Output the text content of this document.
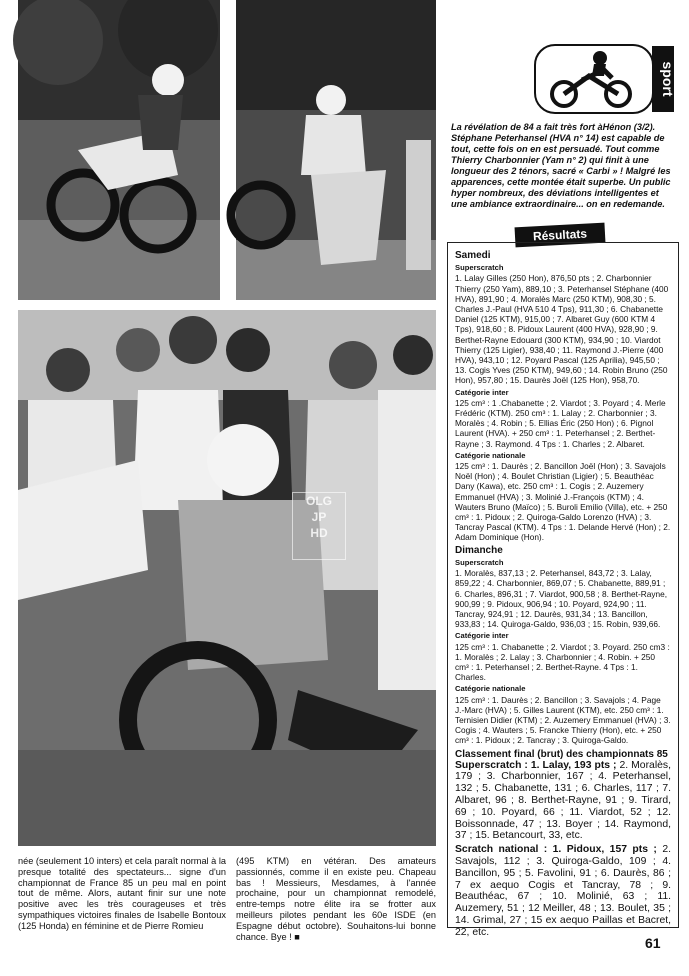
sport
La révélation de 84 a fait très fort àHénon (3/2). Stéphane Peterhansel (HVA n° 14) est capable de tout, cette fois on en est persuadé. Tout comme Thierry Charbonnier (Yam n° 2) qui finit à une longueur des 2 ténors, sacré « Carbi » ! Malgré les apparences, cette montée était superbe. Un public hyper nombreux, des déviations intelligentes et une ambiance extraordinaire... on en redemande.
OLG
JP
HD
Résultats
Samedi
Superscratch

1. Lalay Gilles (250 Hon), 876,50 pts ; 2. Charbonnier Thierry (250 Yam), 889,10 ; 3. Peterhansel Stéphane (400 HVA), 891,90 ; 4. Moralès Marc (250 KTM), 908,30 ; 5. Charles J.-Paul (HVA 510 4 Tps), 911,30 ; 6. Chabanette Daniel (125 KTM), 915,00 ; 7. Albaret Guy (600 KTM 4 Tps), 918,60 ; 8. Pidoux Laurent (400 HVA), 928,90 ; 9. Berthet-Rayne Edouard (300 KTM), 934,90 ; 10. Viardot Thierry (125 Ligier), 938,40 ; 11. Raymond J.-Pierre (400 HVA), 943,10 ; 12. Poyard Pascal (125 Aprilia), 945,50 ; 13. Cogis Yves (250 KTM), 949,60 ; 14. Robin Bruno (250 Hon), 957,80 ; 15. Daurès Joël (125 Hon), 958,70.

Catégorie inter

125 cm³ : 1 .Chabanette ; 2. Viardot ; 3. Poyard ; 4. Merle Frédéric (KTM). 250 cm³ : 1. Lalay ; 2. Charbonnier ; 3. Moralès ; 4. Robin ; 5. Ellias Éric (250 Hon) ; 6. Pignol Laurent (HVA). + 250 cm³ : 1. Peterhansel ; 2. Berthet-Rayne ; 3. Raymond. 4 Tps : 1. Charles ; 2. Albaret.

Catégorie nationale

125 cm³ : 1. Daurès ; 2. Bancillon Joël (Hon) ; 3. Savajols Noël (Hon) ; 4. Boulet Christian (Ligier) ; 5. Beauthéac Dany (Kawa), etc. 250 cm³ : 1. Cogis ; 2. Auzemery Emmanuel (HVA) ; 3. Molinié J.-François (KTM) ; 4. Wauters Bruno (Maïco) ; 5. Buroli Emilio (Villa), etc. + 250 cm³ : 1. Pidoux ; 2. Quiroga-Galdo Lorenzo (HVA) ; 3. Tancray Pascal (KTM). 4 Tps : 1. Delande Hervé (Hon) ; 2. Adam Dominique (Hon).

Dimanche
Superscratch

1. Moralès, 837,13 ; 2. Peterhansel, 843,72 ; 3. Lalay, 859,22 ; 4. Charbonnier, 869,07 ; 5. Chabanette, 889,91 ; 6. Charles, 896,31 ; 7. Viardot, 900,58 ; 8. Berthet-Rayne, 900,99 ; 9. Pidoux, 906,94 ; 10. Poyard, 924,90 ; 11. Tancray, 924,91 ; 12. Daurès, 931,34 ; 13. Bancillon, 933,83 ; 14. Quiroga-Galdo, 936,03 ; 15. Robin, 939,66.

Catégorie inter

125 cm³ : 1. Chabanette ; 2. Viardot ; 3. Poyard. 250 cm3 : 1. Moralès ; 2. Lalay ; 3. Charbonnier ; 4. Robin. + 250 cm³ : 1. Peterhansel ; 2. Berthet-Rayne. 4 Tps : 1. Charles.

Catégorie nationale

125 cm³ : 1. Daurès ; 2. Bancillon ; 3. Savajols ; 4. Page J.-Marc (HVA) ; 5. Gilles Laurent (KTM), etc. 250 cm³ : 1. Ternisien Didier (KTM) ; 2. Auzemery Emmanuel (HVA) ; 3. Cogis ; 4. Wauters ; 5. Francke Thierry (Hon), etc. + 250 cm³ : 1. Pidoux ; 2. Tancray ; 3. Quiroga-Galdo.

Classement final (brut) des championnats 85

Superscratch : 1. Lalay, 193 pts ; 2. Moralès, 179 ; 3. Charbonnier, 167 ; 4. Peterhansel, 132 ; 5. Chabanette, 131 ; 6. Charles, 117 ; 7. Albaret, 96 ; 8. Berthet-Rayne, 91 ; 9. Tirard, 69 ; 10. Poyard, 66 ; 11. Viardot, 52 ; 12. Boissonnade, 47 ; 13. Boyer ; 14. Raymond, 37 ; 15. Betancourt, 33, etc.

Scratch national : 1. Pidoux, 157 pts ; 2. Savajols, 112 ; 3. Quiroga-Galdo, 109 ; 4. Bancillon, 95 ; 5. Favolini, 91 ; 6. Daurès, 86 ; 7 ex aequo Cogis et Tancray, 78 ; 9. Beauthéac, 67 ; 10. Molinié, 63 ; 11. Auzemery, 51 ; 12 Meiller, 48 ; 13. Boulet, 35 ; 14. Grimal, 27 ; 15 ex aequo Paillas et Bacret, 22, etc.

née (seulement 10 inters) et cela paraît normal à la presque totalité des spectateurs... signe d'un championnat de France 85 un peu mal en point tout de même. Alors, autant finir sur une note positive avec les très courageuses et très sympathiques victoires finales de Isabelle Bontoux (125 Honda) en féminine et de Pierre Romieu
(495 KTM) en vétéran. Des amateurs passionnés, comme il en existe peu. Chapeau bas ! Messieurs, Mesdames, à l'année prochaine, pour un championnat remodelé, entre-temps notre élite ira se frotter aux meilleurs pilotes pendant les 60e ISDE (en Espagne début octobre). Souhaitons-lui bonne chance. Bye ! ■	61
